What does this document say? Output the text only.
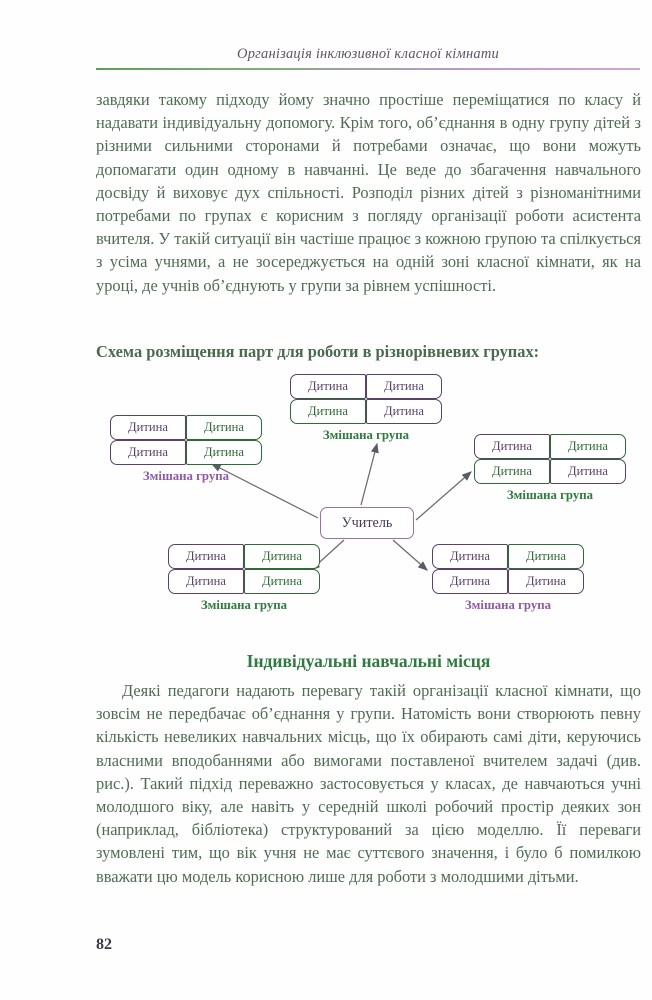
Організація інклюзивної класної кімнати
завдяки такому підходу йому значно простіше переміщатися по класу й надавати індивідуальну допомогу. Крім того, об’єднання в одну групу дітей з різними сильними сторонами й потребами означає, що вони можуть допомагати один одному в навчанні. Це веде до збагачення навчального досвіду й виховує дух спільності. Розподіл різних дітей з різноманітними потребами по групах є корисним з погляду організації роботи асистента вчителя. У такій ситуації він частіше працює з кожною групою та спілкується з усіма учнями, а не зосереджується на одній зоні класної кімнати, як на уроці, де учнів об’єднують у групи за рівнем успішності.
Схема розміщення парт для роботи в різнорівневих групах:
Дитина	Дитина
Дитина	Дитина
Змішана група
Дитина	Дитина
Дитина	Дитина
Змішана група
Дитина	Дитина
Дитина	Дитина
Змішана група
Дитина	Дитина
Дитина	Дитина
Змішана група
Дитина	Дитина
Дитина	Дитина
Змішана група
Учитель
Індивідуальні навчальні місця
Деякі педагоги надають перевагу такій організації класної кімнати, що зовсім не передбачає об’єднання у групи. Натомість вони створюють певну кількість невеликих навчальних місць, що їх обирають самі діти, керуючись власними вподобаннями або вимогами поставленої вчителем задачі (див. рис.). Такий підхід переважно застосовується у класах, де навчаються учні молодшого віку, але навіть у середній школі робочий простір деяких зон (наприклад, бібліотека) структурований за цією моделлю. Її переваги зумовлені тим, що вік учня не має суттєвого значення, і було б помилкою вважати цю модель корисною лише для роботи з молодшими дітьми.
82
